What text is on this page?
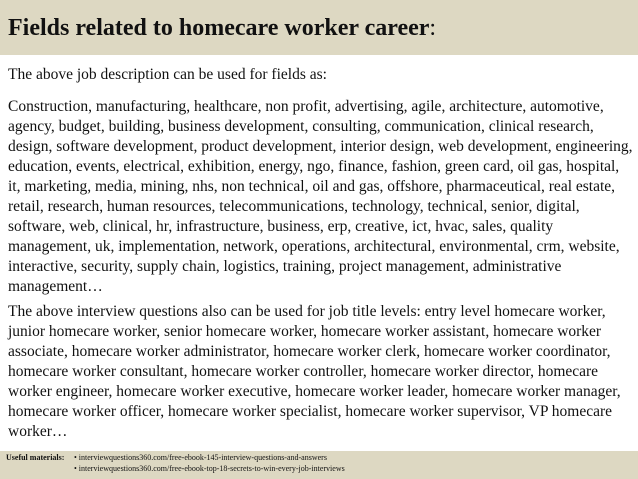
Fields related to homecare worker career:
The above job description can be used for fields as:
Construction, manufacturing, healthcare, non profit, advertising, agile, architecture, automotive, agency, budget, building, business development, consulting, communication, clinical research, design, software development, product development, interior design, web development, engineering, education, events, electrical, exhibition, energy, ngo, finance, fashion, green card, oil gas, hospital, it, marketing, media, mining, nhs, non technical, oil and gas, offshore, pharmaceutical, real estate, retail, research, human resources, telecommunications, technology, technical, senior, digital, software, web, clinical, hr, infrastructure, business, erp, creative, ict, hvac, sales, quality management, uk, implementation, network, operations, architectural, environmental, crm, website, interactive, security, supply chain, logistics, training, project management, administrative management…
The above interview questions also can be used for job title levels: entry level homecare worker, junior homecare worker, senior homecare worker, homecare worker assistant, homecare worker associate, homecare worker administrator, homecare worker clerk, homecare worker coordinator, homecare worker consultant, homecare worker controller, homecare worker director, homecare worker engineer, homecare worker executive, homecare worker leader, homecare worker manager, homecare worker officer, homecare worker specialist, homecare worker supervisor, VP homecare worker…
Useful materials: • interviewquestions360.com/free-ebook-145-interview-questions-and-answers
• interviewquestions360.com/free-ebook-top-18-secrets-to-win-every-job-interviews
